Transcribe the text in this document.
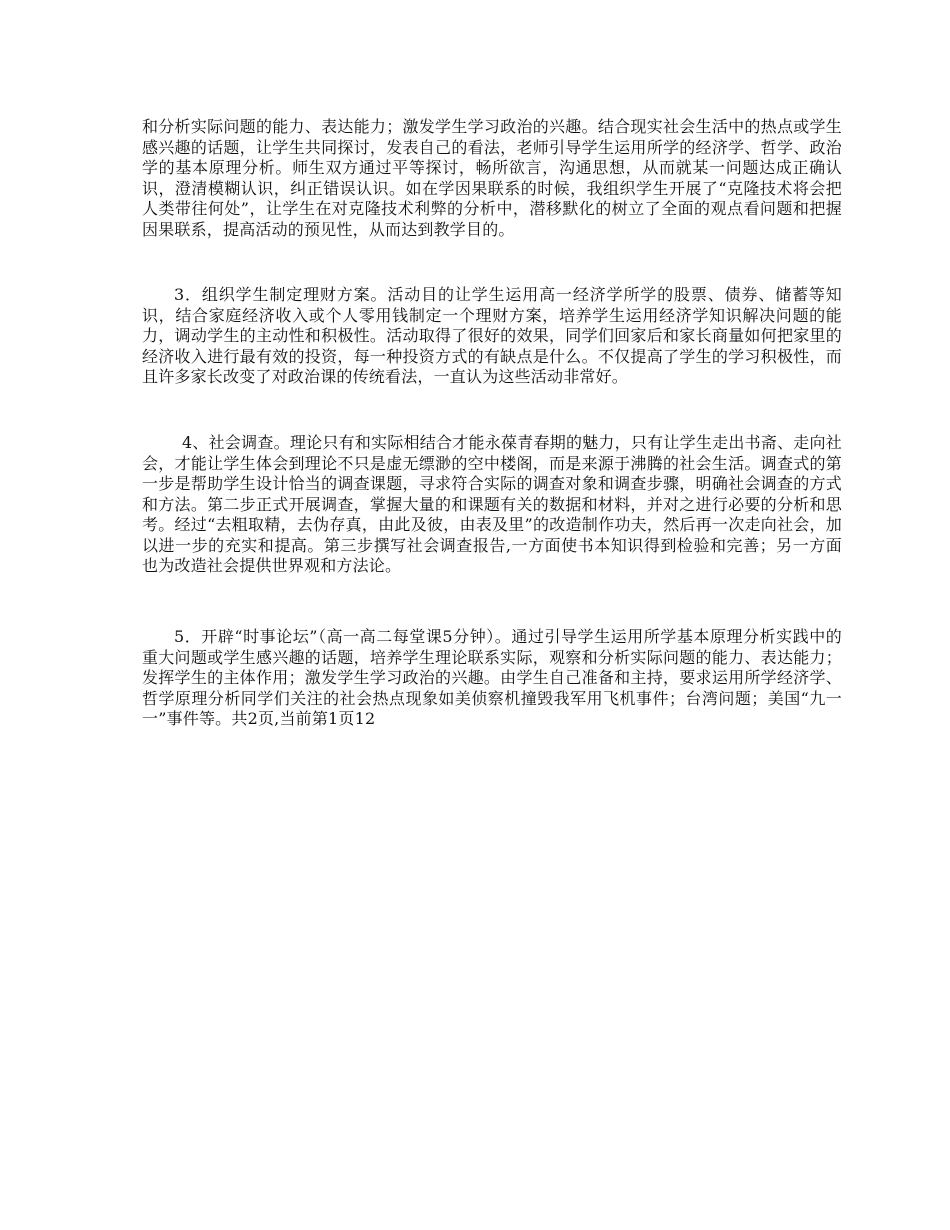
和分析实际问题的能力、表达能力；激发学生学习政治的兴趣。结合现实社会生活中的热点或学生感兴趣的话题，让学生共同探讨，发表自己的看法，老师引导学生运用所学的经济学、哲学、政治学的基本原理分析。师生双方通过平等探讨，畅所欲言，沟通思想，从而就某一问题达成正确认识，澄清模糊认识，纠正错误认识。如在学因果联系的时候，我组织学生开展了“克隆技术将会把人类带往何处”，让学生在对克隆技术利弊的分析中，潜移默化的树立了全面的观点看问题和把握因果联系，提高活动的预见性，从而达到教学目的。

3．组织学生制定理财方案。活动目的让学生运用高一经济学所学的股票、债券、储蓄等知识，结合家庭经济收入或个人零用钱制定一个理财方案，培养学生运用经济学知识解决问题的能力，调动学生的主动性和积极性。活动取得了很好的效果，同学们回家后和家长商量如何把家里的经济收入进行最有效的投资，每一种投资方式的有缺点是什么。不仅提高了学生的学习积极性，而且许多家长改变了对政治课的传统看法，一直认为这些活动非常好。

4、社会调查。理论只有和实际相结合才能永葆青春期的魅力，只有让学生走出书斋、走向社会，才能让学生体会到理论不只是虚无缥渺的空中楼阁，而是来源于沸腾的社会生活。调查式的第一步是帮助学生设计恰当的调查课题，寻求符合实际的调查对象和调查步骤，明确社会调查的方式和方法。第二步正式开展调查，掌握大量的和课题有关的数据和材料，并对之进行必要的分析和思考。经过“去粗取精，去伪存真，由此及彼，由表及里”的改造制作功夫，然后再一次走向社会，加以进一步的充实和提高。第三步撰写社会调查报告,一方面使书本知识得到检验和完善；另一方面也为改造社会提供世界观和方法论。

5．开辟“时事论坛”（高一高二每堂课5分钟）。通过引导学生运用所学基本原理分析实践中的重大问题或学生感兴趣的话题，培养学生理论联系实际，观察和分析实际问题的能力、表达能力；发挥学生的主体作用；激发学生学习政治的兴趣。由学生自己准备和主持，要求运用所学经济学、哲学原理分析同学们关注的社会热点现象如美侦察机撞毁我军用飞机事件；台湾问题；美国“九一一”事件等。共2页,当前第1页12
